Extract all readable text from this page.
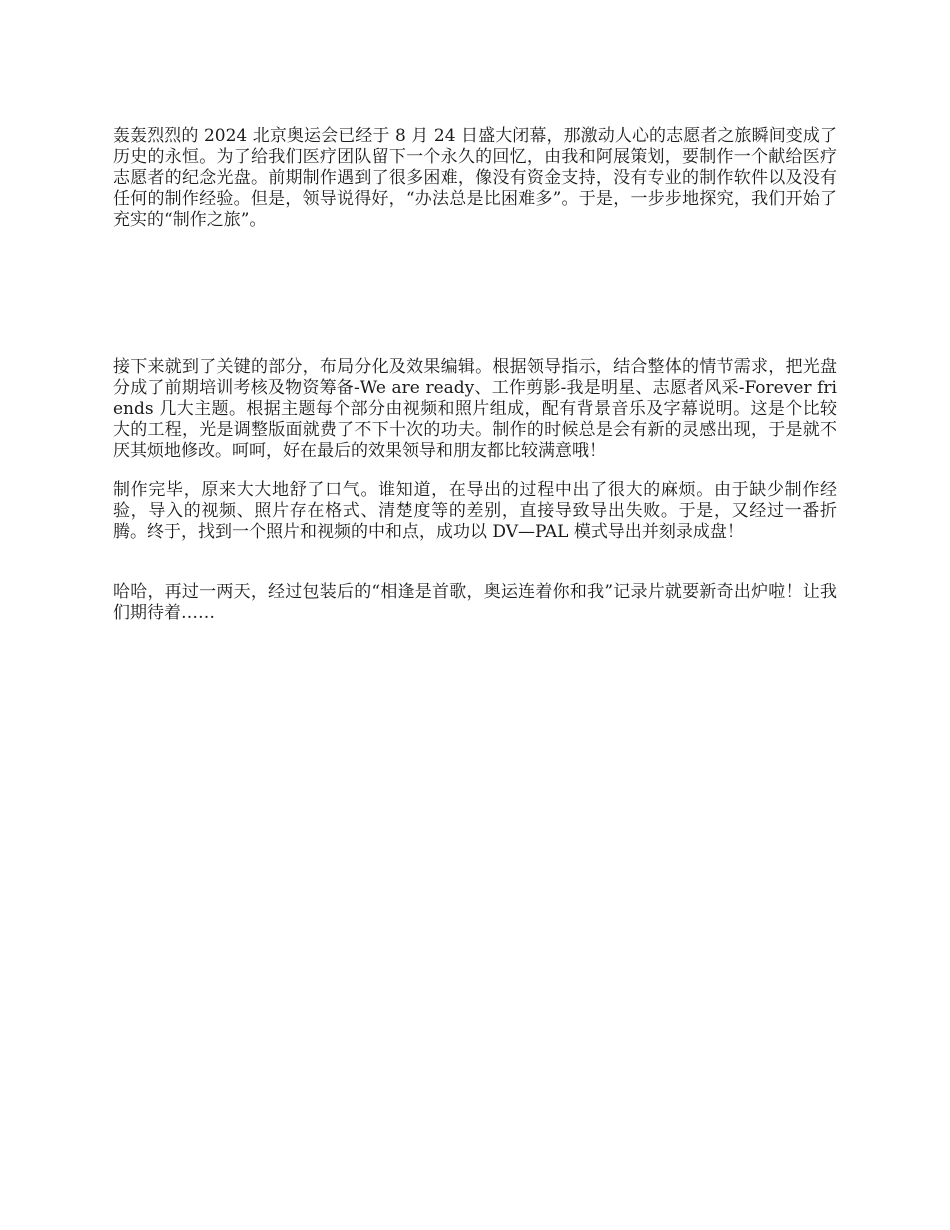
轰轰烈烈的 2024 北京奥运会已经于 8 月 24 日盛大闭幕，那激动人心的志愿者之旅瞬间变成了历史的永恒。为了给我们医疗团队留下一个永久的回忆，由我和阿展策划，要制作一个献给医疗志愿者的纪念光盘。前期制作遇到了很多困难，像没有资金支持，没有专业的制作软件以及没有任何的制作经验。但是，领导说得好，“办法总是比困难多”。于是，一步步地探究，我们开始了充实的“制作之旅”。

接下来就到了关键的部分，布局分化及效果编辑。根据领导指示，结合整体的情节需求，把光盘分成了前期培训考核及物资筹备-We are ready、工作剪影-我是明星、志愿者风采-Forever friends 几大主题。根据主题每个部分由视频和照片组成，配有背景音乐及字幕说明。这是个比较大的工程，光是调整版面就费了不下十次的功夫。制作的时候总是会有新的灵感出现，于是就不厌其烦地修改。呵呵，好在最后的效果领导和朋友都比较满意哦！

制作完毕，原来大大地舒了口气。谁知道，在导出的过程中出了很大的麻烦。由于缺少制作经验，导入的视频、照片存在格式、清楚度等的差别，直接导致导出失败。于是，又经过一番折腾。终于，找到一个照片和视频的中和点，成功以 DV—PAL 模式导出并刻录成盘！

哈哈，再过一两天，经过包装后的“相逢是首歌，奥运连着你和我”记录片就要新奇出炉啦！让我们期待着……
